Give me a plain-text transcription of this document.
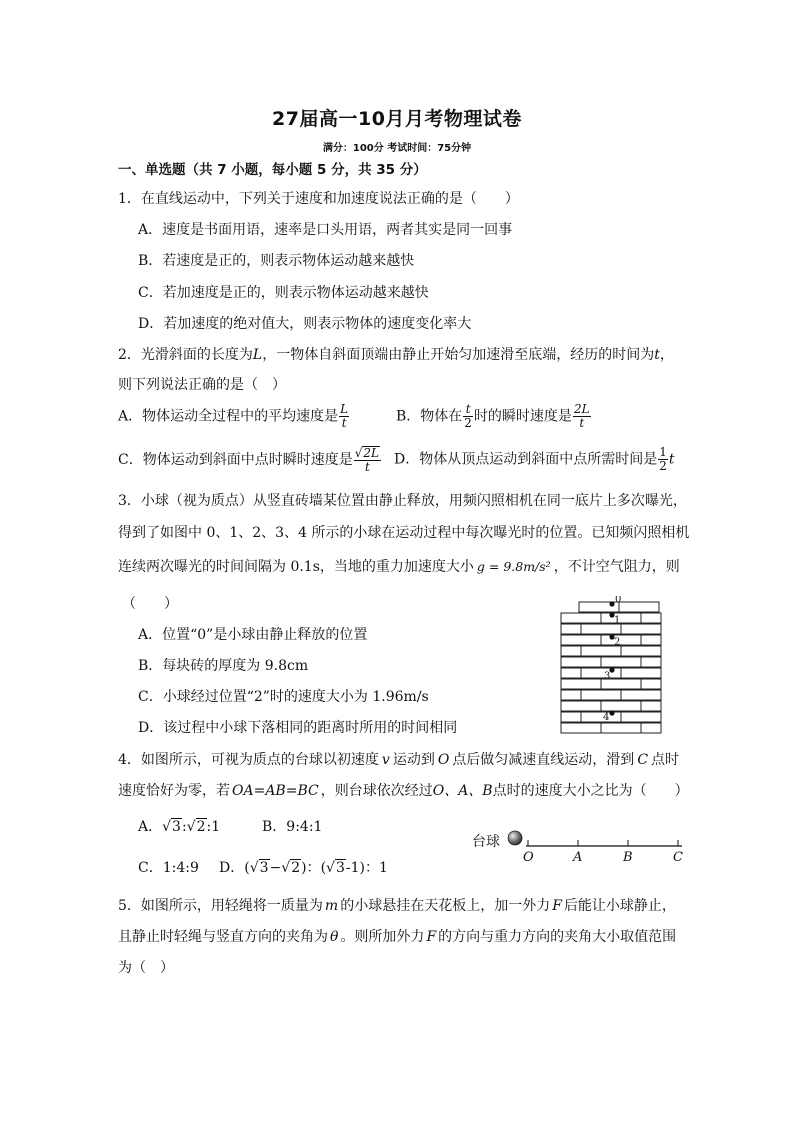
27届高一10月月考物理试卷
满分：100分 考试时间：75分钟
一、单选题（共 7 小题，每小题 5 分，共 35 分）
1．在直线运动中，下列关于速度和加速度说法正确的是（　　）
A．速度是书面用语，速率是口头用语，两者其实是同一回事
B．若速度是正的，则表示物体运动越来越快
C．若加速度是正的，则表示物体运动越来越快
D．若加速度的绝对值大，则表示物体的速度变化率大
2．光滑斜面的长度为L，一物体自斜面顶端由静止开始匀加速滑至底端，经历的时间为t，
则下列说法正确的是（　）
A．物体运动全过程中的平均速度是 $\frac{L}{t}$	B．物体在 $\frac{t}{2}$ 时的瞬时速度是 $\frac{2L}{t}$
C．物体运动到斜面中点时瞬时速度是 $\frac{√2L}{t}$ D．物体从顶点运动到斜面中点所需时间是 $\frac{1}{2}$ t
3．小球（视为质点）从竖直砖墙某位置由静止释放，用频闪照相机在同一底片上多次曝光，
得到了如图中 0、1、2、3、4 所示的小球在运动过程中每次曝光时的位置。已知频闪照相机
连续两次曝光的时间间隔为 0.1s，当地的重力加速度大小 g = 9.8m/s² ，不计空气阻力，则
（　　）
A．位置“0”是小球由静止释放的位置
B．每块砖的厚度为 9.8cm
C．小球经过位置“2”时的速度大小为 1.96m/s
D．该过程中小球下落相同的距离时所用的时间相同
0
1
2
3
4
4．如图所示，可视为质点的台球以初速度 v 运动到 O 点后做匀减速直线运动，滑到 C 点时
速度恰好为零，若 OA=AB=BC ，则台球依次经过O、A、B点时的速度大小之比为（　　）
A．√3:√2:1	B．9:4:1
C．1:4:9 D．(√3−√2)：(√3-1)：1
台球
O	A	B	C
5．如图所示，用轻绳将一质量为 m 的小球悬挂在天花板上，加一外力 F 后能让小球静止，
且静止时轻绳与竖直方向的夹角为 θ 。则所加外力 F 的方向与重力方向的夹角大小取值范围
为（　）
